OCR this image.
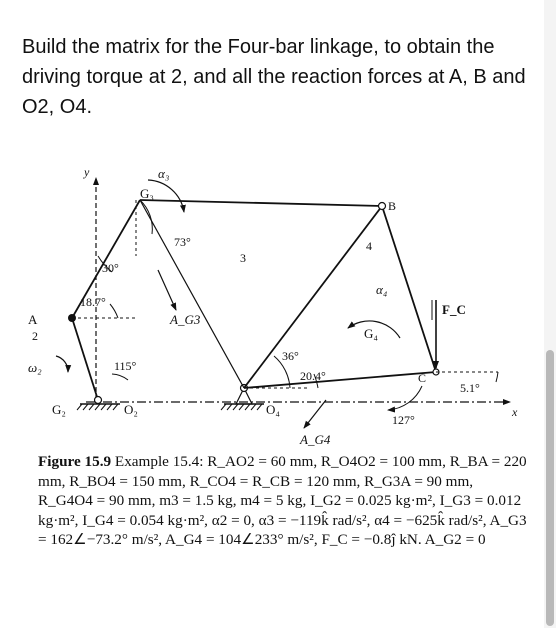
Build the matrix for the Four-bar linkage, to obtain the driving torque at 2, and all the reaction forces at A, B and O2, O4.
y
x
α₃
G₃
73°
B
3
4
α₄
F_C
30°
A
18.7°
A_G3
2
ω₂	115°
G₄
36°
20.4°	C
5.1°
G₂	O₂	O₄
127°
A_G4

Figure 15.9 Example 15.4: R_AO2 = 60 mm, R_O4O2 = 100 mm, R_BA = 220 mm, R_BO4 = 150 mm, R_CO4 = R_CB = 120 mm, R_G3A = 90 mm, R_G4O4 = 90 mm, m3 = 1.5 kg, m4 = 5 kg, I_G2 = 0.025 kg·m², I_G3 = 0.012 kg·m², I_G4 = 0.054 kg·m², α2 = 0, α3 = −119k̂ rad/s², α4 = −625k̂ rad/s², A_G3 = 162∠−73.2° m/s², A_G4 = 104∠233° m/s², F_C = −0.8ĵ kN. A_G2 = 0
